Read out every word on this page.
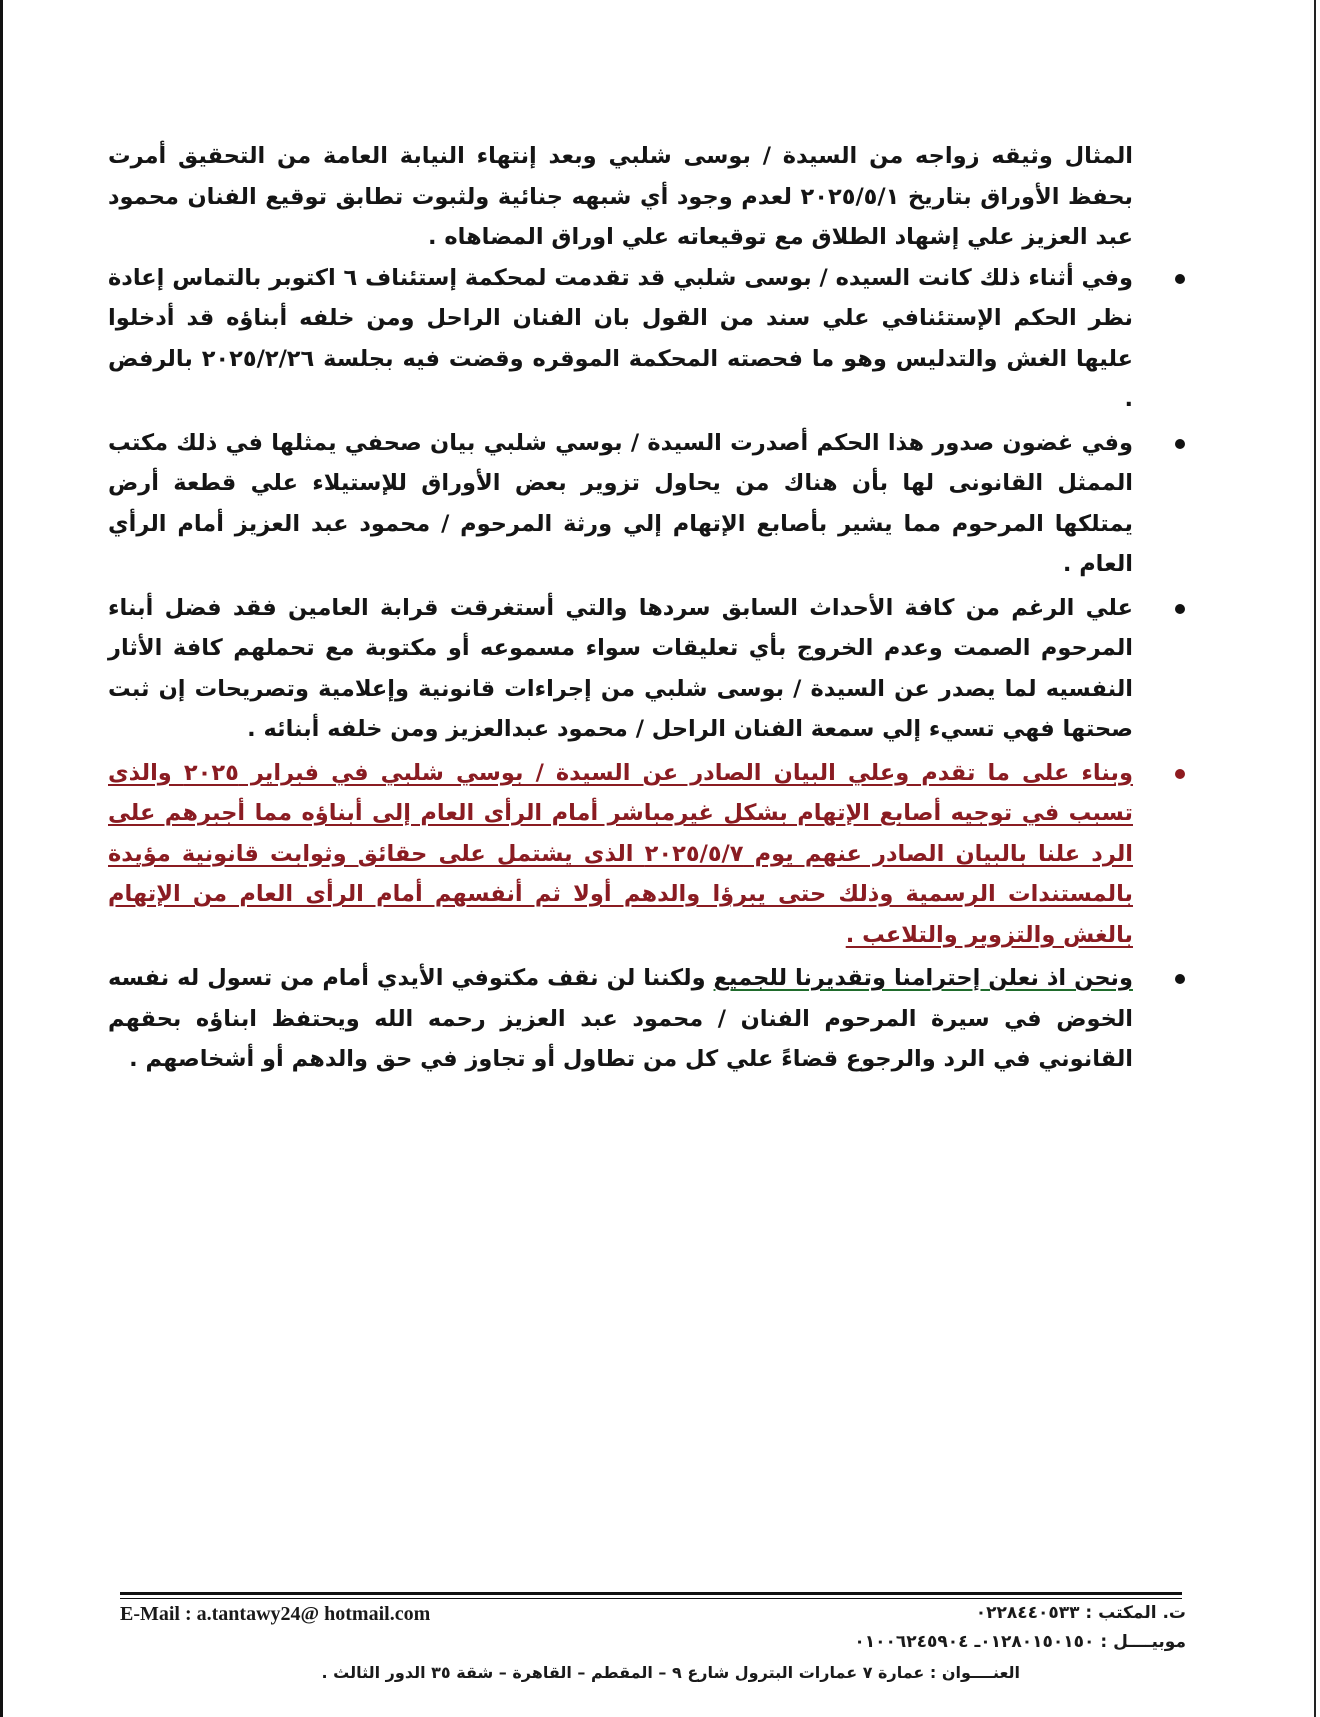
المثال وثيقه زواجه من السيدة / بوسى شلبي وبعد إنتهاء النيابة العامة من التحقيق أمرت بحفظ الأوراق بتاريخ ٢٠٢٥/٥/١ لعدم وجود أي شبهه جنائية ولثبوت تطابق توقيع الفنان محمود عبد العزيز علي إشهاد الطلاق مع توقيعاته علي اوراق المضاهاه .

وفي أثناء ذلك كانت السيده / بوسى شلبي قد تقدمت لمحكمة إستئناف ٦ اكتوبر بالتماس إعادة نظر الحكم الإستئنافي علي سند من القول بان الفنان الراحل ومن خلفه أبناؤه قد أدخلوا عليها الغش والتدليس وهو ما فحصته المحكمة الموقره وقضت فيه بجلسة ٢٠٢٥/٢/٢٦ بالرفض .
وفي غضون صدور هذا الحكم أصدرت السيدة / بوسي شلبي بيان صحفي يمثلها في ذلك مكتب الممثل القانونى لها بأن هناك من يحاول تزوير بعض الأوراق للإستيلاء علي قطعة أرض يمتلكها المرحوم مما يشير بأصابع الإتهام إلي ورثة المرحوم / محمود عبد العزيز أمام الرأي العام .
علي الرغم من كافة الأحداث السابق سردها والتي أستغرقت قرابة العامين فقد فضل أبناء المرحوم الصمت وعدم الخروج بأي تعليقات سواء مسموعه أو مكتوبة مع تحملهم كافة الأثار النفسيه لما يصدر عن السيدة / بوسى شلبي من إجراءات قانونية وإعلامية وتصريحات إن ثبت صحتها فهي تسيء إلي سمعة الفنان الراحل / محمود عبدالعزيز ومن خلفه أبنائه .
وبناء على ما تقدم وعلي البيان الصادر عن السيدة / بوسي شلبي في فبراير ٢٠٢٥ والذى تسبب في توجيه أصابع الإتهام بشكل غيرمباشر أمام الرأى العام إلى أبناؤه مما أجبرهم على الرد علنا بالبيان الصادر عنهم يوم ٢٠٢٥/٥/٧ الذى يشتمل على حقائق وثوابت قانونية مؤيدة بالمستندات الرسمية وذلك حتى يبرؤا والدهم أولا ثم أنفسهم أمام الرأى العام من الإتهام بالغش والتزوير والتلاعب .
ونحن اذ نعلن إحترامنا وتقديرنا للجميع ولكننا لن نقف مكتوفي الأيدي أمام من تسول له نفسه الخوض في سيرة المرحوم الفنان / محمود عبد العزيز رحمه الله ويحتفظ ابناؤه بحقهم القانوني في الرد والرجوع قضاءً علي كل من تطاول أو تجاوز في حق والدهم أو أشخاصهم .
E-Mail : a.tantawy24@ hotmail.com	ت. المكتب : ٠٢٢٨٤٤٠٥٣٣
موبيــــل : ٠١٢٨٠١٥٠١٥٠ـ ٠١٠٠٦٢٤٥٩٠٤
العنــــوان : عمارة ٧ عمارات البترول شارع ٩ – المقطم – القاهرة – شقة ٣٥ الدور الثالث .
